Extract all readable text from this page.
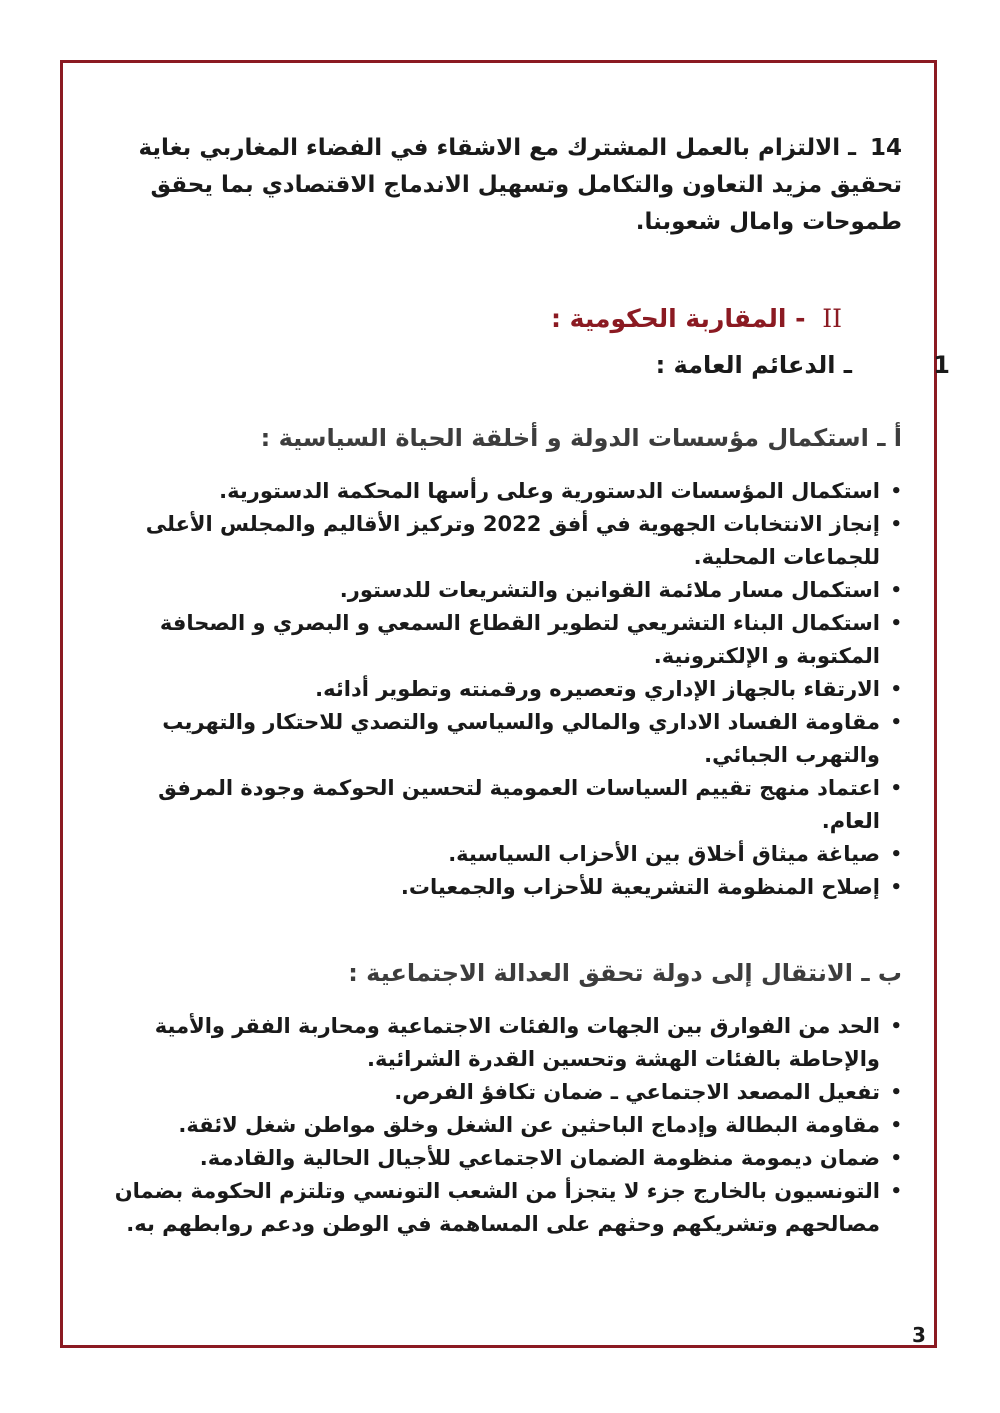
14ـ الالتزام بالعمل المشترك مع الاشقاء في الفضاء المغاربي بغاية تحقيق مزيد التعاون والتكامل وتسهيل الاندماج الاقتصادي بما يحقق طموحات وامال شعوبنا.

II - المقاربة الحكومية :
1
ـ الدعائم العامة :
أ ـ استكمال مؤسسات الدولة و أخلقة الحياة السياسية :
•
استكمال المؤسسات الدستورية وعلى رأسها المحكمة الدستورية.
•
إنجاز الانتخابات الجهوية في أفق 2022 وتركيز الأقاليم والمجلس الأعلى للجماعات المحلية.
•
استكمال مسار ملائمة القوانين والتشريعات للدستور.
•
استكمال البناء التشريعي لتطوير القطاع السمعي و البصري و الصحافة المكتوبة و الإلكترونية.
•
الارتقاء بالجهاز الإداري وتعصيره ورقمنته وتطوير أدائه.
•
مقاومة الفساد الاداري والمالي والسياسي والتصدي للاحتكار والتهريب والتهرب الجبائي.
•
اعتماد منهج تقييم السياسات العمومية لتحسين الحوكمة وجودة المرفق العام.
•
صياغة ميثاق أخلاق بين الأحزاب السياسية.
•
إصلاح المنظومة التشريعية للأحزاب والجمعيات.
ب ـ الانتقال إلى دولة تحقق العدالة الاجتماعية :
•
الحد من الفوارق بين الجهات والفئات الاجتماعية ومحاربة الفقر والأمية والإحاطة بالفئات الهشة وتحسين القدرة الشرائية.
•
تفعيل المصعد الاجتماعي ـ ضمان تكافؤ الفرص.
•
مقاومة البطالة وإدماج الباحثين عن الشغل وخلق مواطن شغل لائقة.
•
ضمان ديمومة منظومة الضمان الاجتماعي للأجيال الحالية والقادمة.
•
التونسيون بالخارج جزء لا يتجزأ من الشعب التونسي وتلتزم الحكومة بضمان مصالحهم وتشريكهم وحثهم على المساهمة في الوطن ودعم روابطهم به.
3
